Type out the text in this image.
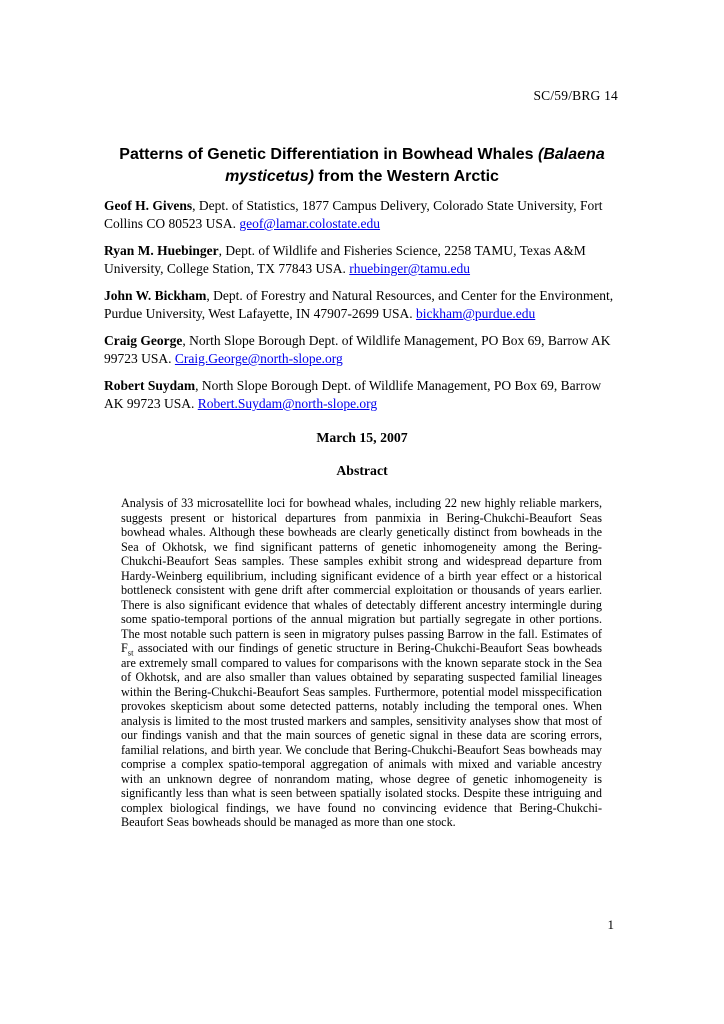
SC/59/BRG 14
Patterns of Genetic Differentiation in Bowhead Whales (Balaena
mysticetus) from the Western Arctic

Geof H. Givens, Dept. of Statistics, 1877 Campus Delivery, Colorado State University, Fort Collins CO 80523 USA. geof@lamar.colostate.edu

Ryan M. Huebinger, Dept. of Wildlife and Fisheries Science, 2258 TAMU, Texas A&M University, College Station, TX 77843 USA. rhuebinger@tamu.edu

John W. Bickham, Dept. of Forestry and Natural Resources, and Center for the Environment, Purdue University, West Lafayette, IN 47907-2699 USA. bickham@purdue.edu

Craig George, North Slope Borough Dept. of Wildlife Management, PO Box 69, Barrow AK 99723 USA. Craig.George@north-slope.org

Robert Suydam, North Slope Borough Dept. of Wildlife Management, PO Box 69, Barrow AK 99723 USA. Robert.Suydam@north-slope.org

March 15, 2007
Abstract
Analysis of 33 microsatellite loci for bowhead whales, including 22 new highly reliable markers, suggests present or historical departures from panmixia in Bering-Chukchi-Beaufort Seas bowhead whales. Although these bowheads are clearly genetically distinct from bowheads in the Sea of Okhotsk, we find significant patterns of genetic inhomogeneity among the Bering-Chukchi-Beaufort Seas samples. These samples exhibit strong and widespread departure from Hardy-Weinberg equilibrium, including significant evidence of a birth year effect or a historical bottleneck consistent with gene drift after commercial exploitation or thousands of years earlier. There is also significant evidence that whales of detectably different ancestry intermingle during some spatio-temporal portions of the annual migration but partially segregate in other portions. The most notable such pattern is seen in migratory pulses passing Barrow in the fall. Estimates of $F_{st}$ associated with our findings of genetic structure in Bering-Chukchi-Beaufort Seas bowheads are extremely small compared to values for comparisons with the known separate stock in the Sea of Okhotsk, and are also smaller than values obtained by separating suspected familial lineages within the Bering-Chukchi-Beaufort Seas samples. Furthermore, potential model misspecification provokes skepticism about some detected patterns, notably including the temporal ones. When analysis is limited to the most trusted markers and samples, sensitivity analyses show that most of our findings vanish and that the main sources of genetic signal in these data are scoring errors, familial relations, and birth year. We conclude that Bering-Chukchi-Beaufort Seas bowheads may comprise a complex spatio-temporal aggregation of animals with mixed and variable ancestry with an unknown degree of nonrandom mating, whose degree of genetic inhomogeneity is significantly less than what is seen between spatially isolated stocks. Despite these intriguing and complex biological findings, we have found no convincing evidence that Bering-Chukchi-Beaufort Seas bowheads should be managed as more than one stock.
1
